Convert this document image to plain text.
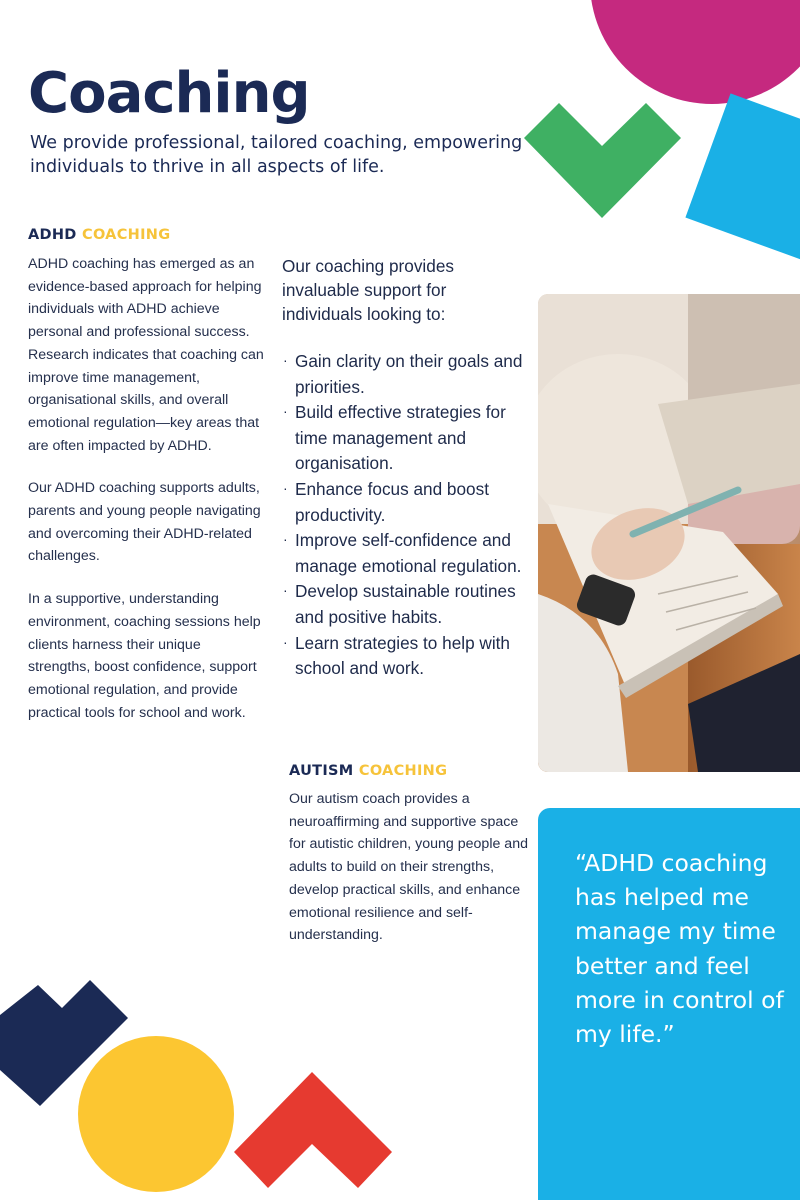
Coaching

We provide professional, tailored coaching, empowering individuals to thrive in all aspects of life.

ADHD COACHING

ADHD coaching has emerged as an evidence-based approach for helping individuals with ADHD achieve personal and professional success. Research indicates that coaching can improve time management, organisational skills, and overall emotional regulation—key areas that are often impacted by ADHD.

Our ADHD coaching supports adults, parents and young people navigating and overcoming their ADHD-related challenges.

In a supportive, understanding environment, coaching sessions help clients harness their unique strengths, boost confidence, support emotional regulation, and provide practical tools for school and work.

Our coaching provides invaluable support for individuals looking to:

· Gain clarity on their goals and priorities.
· Build effective strategies for time management and organisation.
· Enhance focus and boost productivity.
· Improve self-confidence and manage emotional regulation.
· Develop sustainable routines and positive habits.
· Learn strategies to help with school and work.
AUTISM COACHING

Our autism coach provides a neuroaffirming and supportive space for autistic children, young people and adults to build on their strengths, develop practical skills, and enhance emotional resilience and self-understanding.

“ADHD coaching has helped me manage my time better and feel more in control of my life.”
